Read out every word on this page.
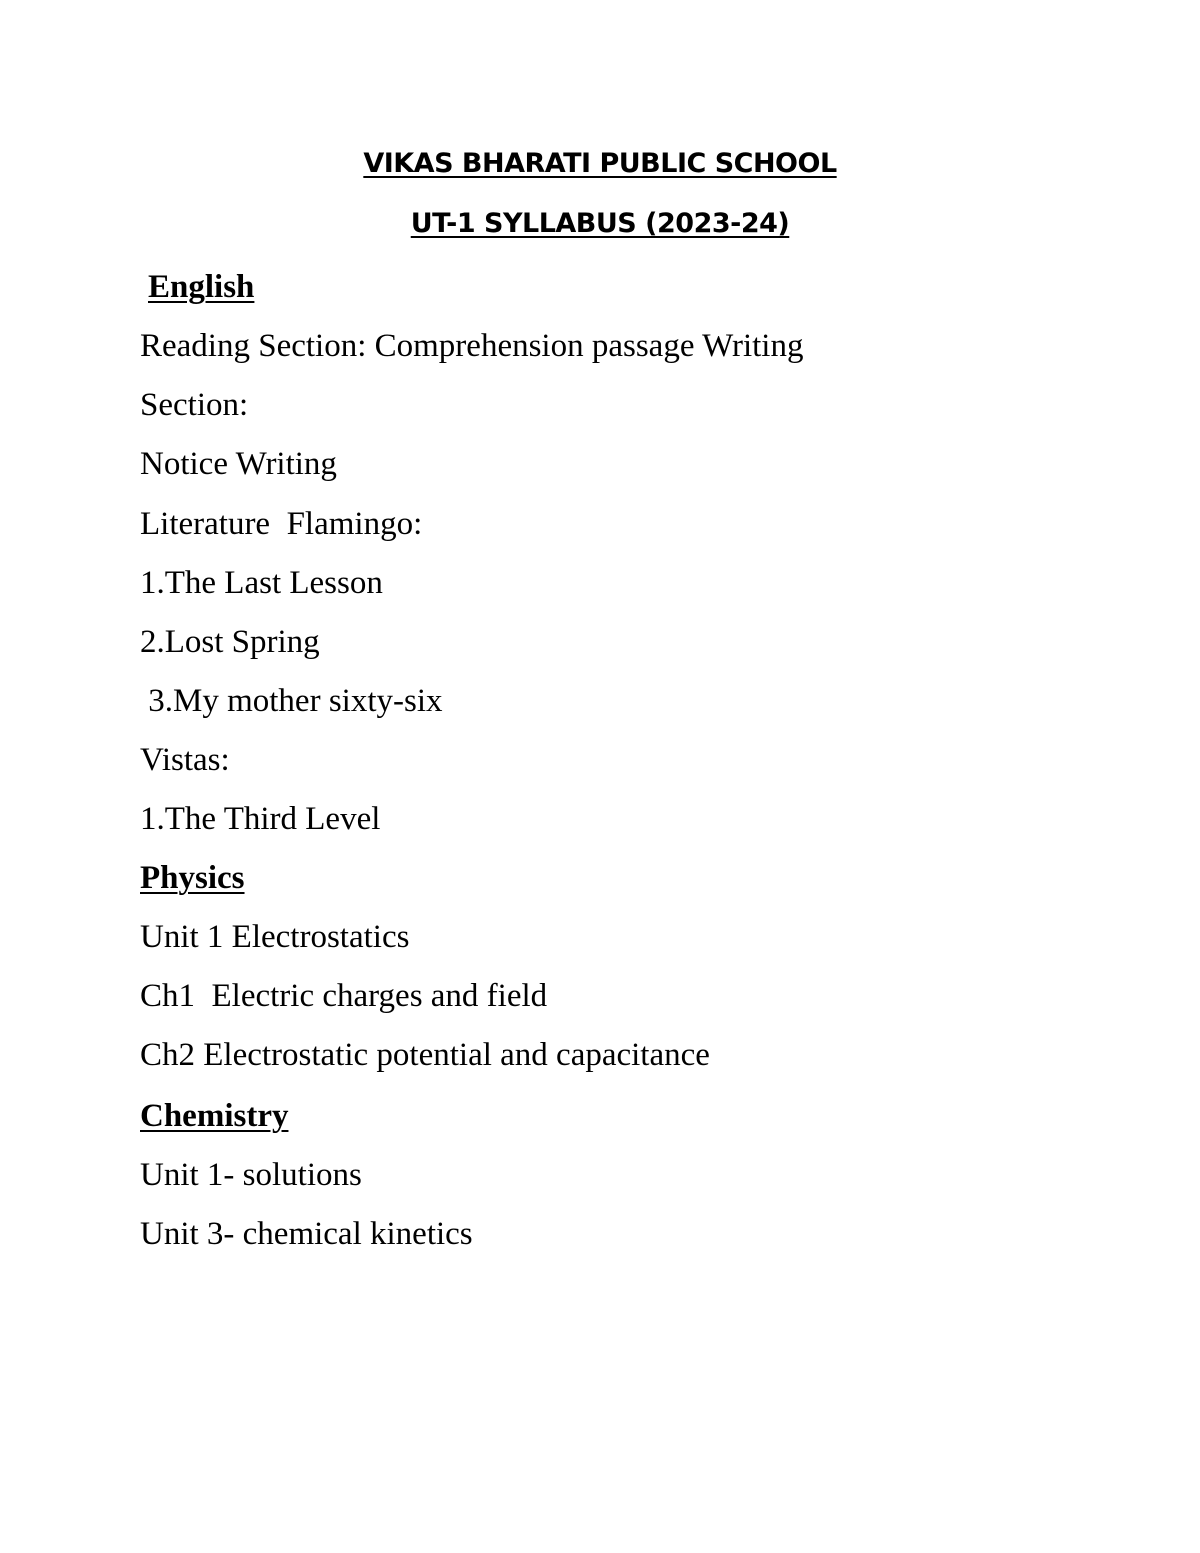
VIKAS BHARATI PUBLIC SCHOOL
UT-1 SYLLABUS (2023-24)
English
Reading Section: Comprehension passage Writing
Section:
Notice Writing
Literature  Flamingo:
1.The Last Lesson
2.Lost Spring
3.My mother sixty-six
Vistas:
1.The Third Level
Physics
Unit 1 Electrostatics
Ch1  Electric charges and field
Ch2 Electrostatic potential and capacitance
Chemistry
Unit 1- solutions
Unit 3- chemical kinetics
